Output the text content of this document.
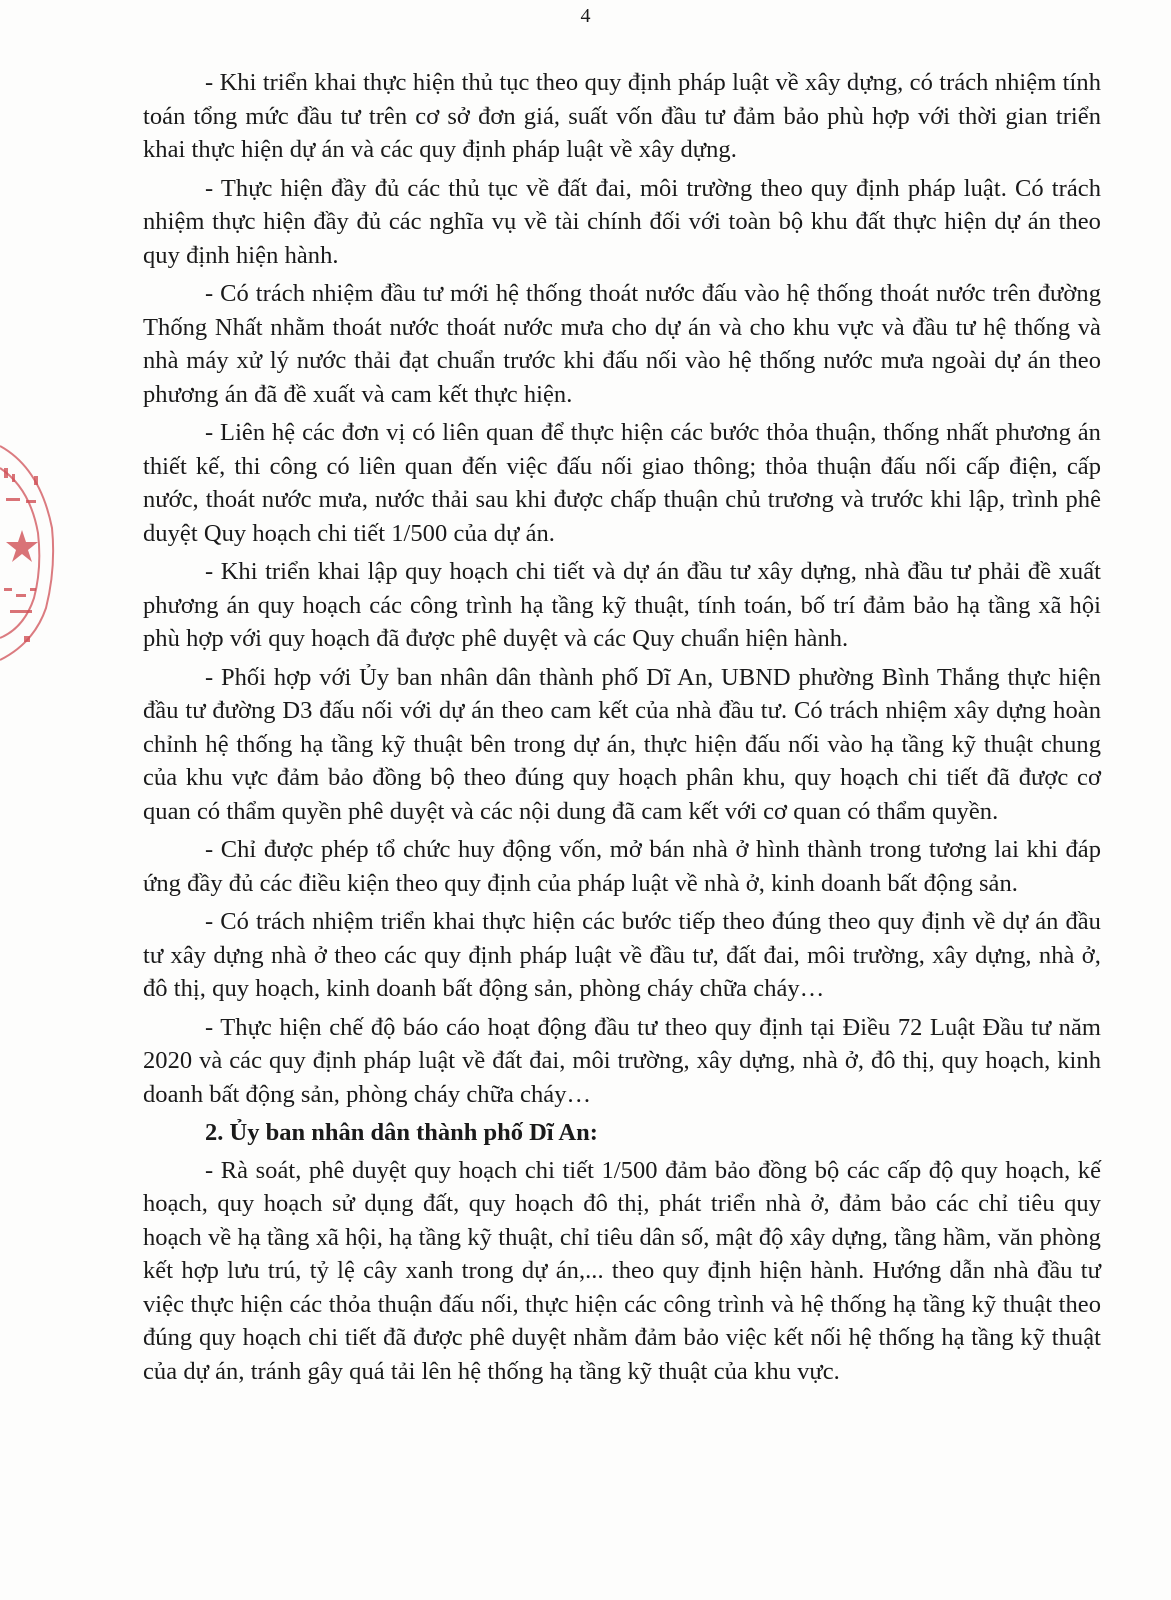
4

- Khi triển khai thực hiện thủ tục theo quy định pháp luật về xây dựng, có trách nhiệm tính toán tổng mức đầu tư trên cơ sở đơn giá, suất vốn đầu tư đảm bảo phù hợp với thời gian triển khai thực hiện dự án và các quy định pháp luật về xây dựng.

- Thực hiện đầy đủ các thủ tục về đất đai, môi trường theo quy định pháp luật. Có trách nhiệm thực hiện đầy đủ các nghĩa vụ về tài chính đối với toàn bộ khu đất thực hiện dự án theo quy định hiện hành.

- Có trách nhiệm đầu tư mới hệ thống thoát nước đấu vào hệ thống thoát nước trên đường Thống Nhất nhằm thoát nước thoát nước mưa cho dự án và cho khu vực và đầu tư hệ thống và nhà máy xử lý nước thải đạt chuẩn trước khi đấu nối vào hệ thống nước mưa ngoài dự án theo phương án đã đề xuất và cam kết thực hiện.

- Liên hệ các đơn vị có liên quan để thực hiện các bước thỏa thuận, thống nhất phương án thiết kế, thi công có liên quan đến việc đấu nối giao thông; thỏa thuận đấu nối cấp điện, cấp nước, thoát nước mưa, nước thải sau khi được chấp thuận chủ trương và trước khi lập, trình phê duyệt Quy hoạch chi tiết 1/500 của dự án.

- Khi triển khai lập quy hoạch chi tiết và dự án đầu tư xây dựng, nhà đầu tư phải đề xuất phương án quy hoạch các công trình hạ tầng kỹ thuật, tính toán, bố trí đảm bảo hạ tầng xã hội phù hợp với quy hoạch đã được phê duyệt và các Quy chuẩn hiện hành.

- Phối hợp với Ủy ban nhân dân thành phố Dĩ An, UBND phường Bình Thắng thực hiện đầu tư đường D3 đấu nối với dự án theo cam kết của nhà đầu tư. Có trách nhiệm xây dựng hoàn chỉnh hệ thống hạ tầng kỹ thuật bên trong dự án, thực hiện đấu nối vào hạ tầng kỹ thuật chung của khu vực đảm bảo đồng bộ theo đúng quy hoạch phân khu, quy hoạch chi tiết đã được cơ quan có thẩm quyền phê duyệt và các nội dung đã cam kết với cơ quan có thẩm quyền.

- Chỉ được phép tổ chức huy động vốn, mở bán nhà ở hình thành trong tương lai khi đáp ứng đầy đủ các điều kiện theo quy định của pháp luật về nhà ở, kinh doanh bất động sản.

- Có trách nhiệm triển khai thực hiện các bước tiếp theo đúng theo quy định về dự án đầu tư xây dựng nhà ở theo các quy định pháp luật về đầu tư, đất đai, môi trường, xây dựng, nhà ở, đô thị, quy hoạch, kinh doanh bất động sản, phòng cháy chữa cháy…

- Thực hiện chế độ báo cáo hoạt động đầu tư theo quy định tại Điều 72 Luật Đầu tư năm 2020 và các quy định pháp luật về đất đai, môi trường, xây dựng, nhà ở, đô thị, quy hoạch, kinh doanh bất động sản, phòng cháy chữa cháy…

2. Ủy ban nhân dân thành phố Dĩ An:

- Rà soát, phê duyệt quy hoạch chi tiết 1/500 đảm bảo đồng bộ các cấp độ quy hoạch, kế hoạch, quy hoạch sử dụng đất, quy hoạch đô thị, phát triển nhà ở, đảm bảo các chỉ tiêu quy hoạch về hạ tầng xã hội, hạ tầng kỹ thuật, chỉ tiêu dân số, mật độ xây dựng, tầng hầm, văn phòng kết hợp lưu trú, tỷ lệ cây xanh trong dự án,... theo quy định hiện hành. Hướng dẫn nhà đầu tư việc thực hiện các thỏa thuận đấu nối, thực hiện các công trình và hệ thống hạ tầng kỹ thuật theo đúng quy hoạch chi tiết đã được phê duyệt nhằm đảm bảo việc kết nối hệ thống hạ tầng kỹ thuật của dự án, tránh gây quá tải lên hệ thống hạ tầng kỹ thuật của khu vực.
